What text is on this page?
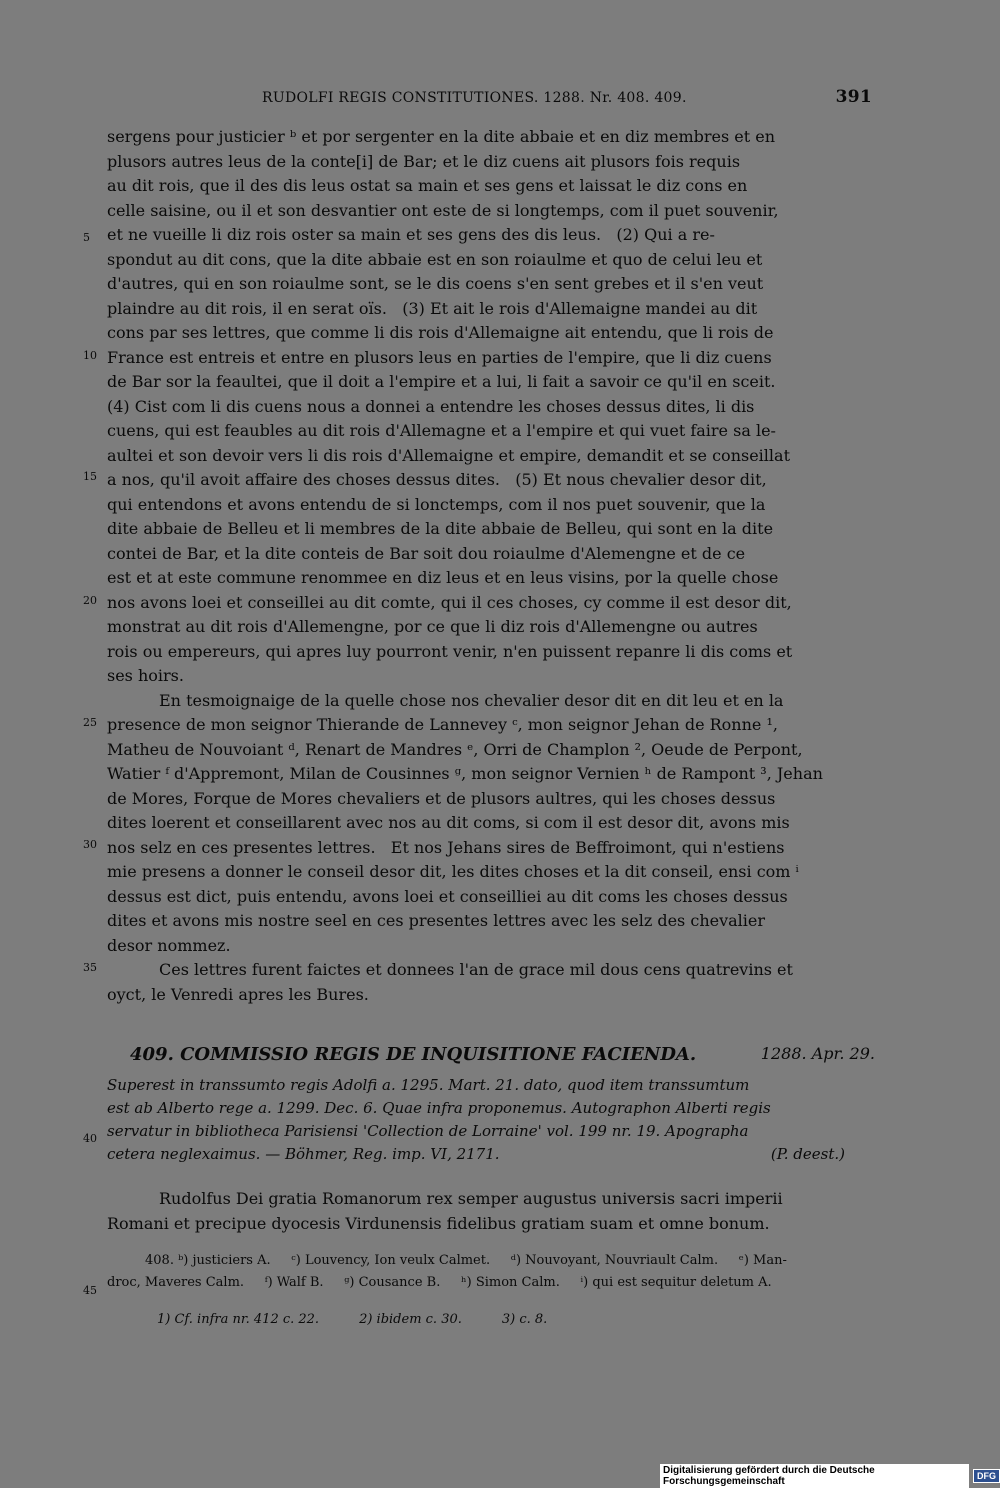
RUDOLFI REGIS CONSTITUTIONES. 1288. Nr. 408. 409.	391
sergens pour justicier ᵇ et por sergenter en la dite abbaie et en diz membres et en
plusors autres leus de la conte[i] de Bar; et le diz cuens ait plusors fois requis
au dit rois, que il des dis leus ostat sa main et ses gens et laissat le diz cons en
celle saisine, ou il et son desvantier ont este de si longtemps, com il puet souvenir,
et ne vueille li diz rois oster sa main et ses gens des dis leus.   (2) Qui a re-
spondut au dit cons, que la dite abbaie est en son roiaulme et quo de celui leu et
d'autres, qui en son roiaulme sont, se le dis coens s'en sent grebes et il s'en veut
plaindre au dit rois, il en serat oïs.   (3) Et ait le rois d'Allemaigne mandei au dit
cons par ses lettres, que comme li dis rois d'Allemaigne ait entendu, que li rois de
France est entreis et entre en plusors leus en parties de l'empire, que li diz cuens
de Bar sor la feaultei, que il doit a l'empire et a lui, li fait a savoir ce qu'il en sceit.
(4) Cist com li dis cuens nous a donnei a entendre les choses dessus dites, li dis
cuens, qui est feaubles au dit rois d'Allemagne et a l'empire et qui vuet faire sa le-
aultei et son devoir vers li dis rois d'Allemaigne et empire, demandit et se conseillat
a nos, qu'il avoit affaire des choses dessus dites.   (5) Et nous chevalier desor dit,
qui entendons et avons entendu de si lonctemps, com il nos puet souvenir, que la
dite abbaie de Belleu et li membres de la dite abbaie de Belleu, qui sont en la dite
contei de Bar, et la dite conteis de Bar soit dou roiaulme d'Alemengne et de ce
est et at este commune renommee en diz leus et en leus visins, por la quelle chose
nos avons loei et conseillei au dit comte, qui il ces choses, cy comme il est desor dit,
monstrat au dit rois d'Allemengne, por ce que li diz rois d'Allemengne ou autres
rois ou empereurs, qui apres luy pourront venir, n'en puissent repanre li dis coms et
ses hoirs.
En tesmoignaige de la quelle chose nos chevalier desor dit en dit leu et en la
presence de mon seignor Thierande de Lannevey ᶜ, mon seignor Jehan de Ronne ¹,
Matheu de Nouvoiant ᵈ, Renart de Mandres ᵉ, Orri de Champlon ², Oeude de Perpont,
Watier ᶠ d'Appremont, Milan de Cousinnes ᵍ, mon seignor Vernien ʰ de Rampont ³, Jehan
de Mores, Forque de Mores chevaliers et de plusors aultres, qui les choses dessus
dites loerent et conseillarent avec nos au dit coms, si com il est desor dit, avons mis
nos selz en ces presentes lettres.   Et nos Jehans sires de Beffroimont, qui n'estiens
mie presens a donner le conseil desor dit, les dites choses et la dit conseil, ensi com ⁱ
dessus est dict, puis entendu, avons loei et conseilliei au dit coms les choses dessus
dites et avons mis nostre seel en ces presentes lettres avec les selz des chevalier
desor nommez.
Ces lettres furent faictes et donnees l'an de grace mil dous cens quatrevins et
oyct, le Venredi apres les Bures.
5
10
15
20
25
30
35
40
45
409. COMMISSIO REGIS DE INQUISITIONE FACIENDA.	1288. Apr. 29.
Superest in transsumto regis Adolfi a. 1295. Mart. 21. dato, quod item transsumtum
est ab Alberto rege a. 1299. Dec. 6. Quae infra proponemus. Autographon Alberti regis
servatur in bibliotheca Parisiensi 'Collection de Lorraine' vol. 199 nr. 19. Apographa
cetera neglexaimus. — Böhmer, Reg. imp. VI, 2171.	(P. deest.)
Rudolfus Dei gratia Romanorum rex semper augustus universis sacri imperii
Romani et precipue dyocesis Virdunensis fidelibus gratiam suam et omne bonum.
408. ᵇ) justiciers A.     ᶜ) Louvency, Ion veulx Calmet.     ᵈ) Nouvoyant, Nouvriault Calm.     ᵉ) Man-
droc, Maveres Calm.     ᶠ) Walf B.     ᵍ) Cousance B.     ʰ) Simon Calm.     ⁱ) qui est sequitur deletum A.
1) Cf. infra nr. 412 c. 22.	2) ibidem c. 30.	3) c. 8.
Digitalisierung gefördert durch die Deutsche Forschungsgemeinschaft	DFG
